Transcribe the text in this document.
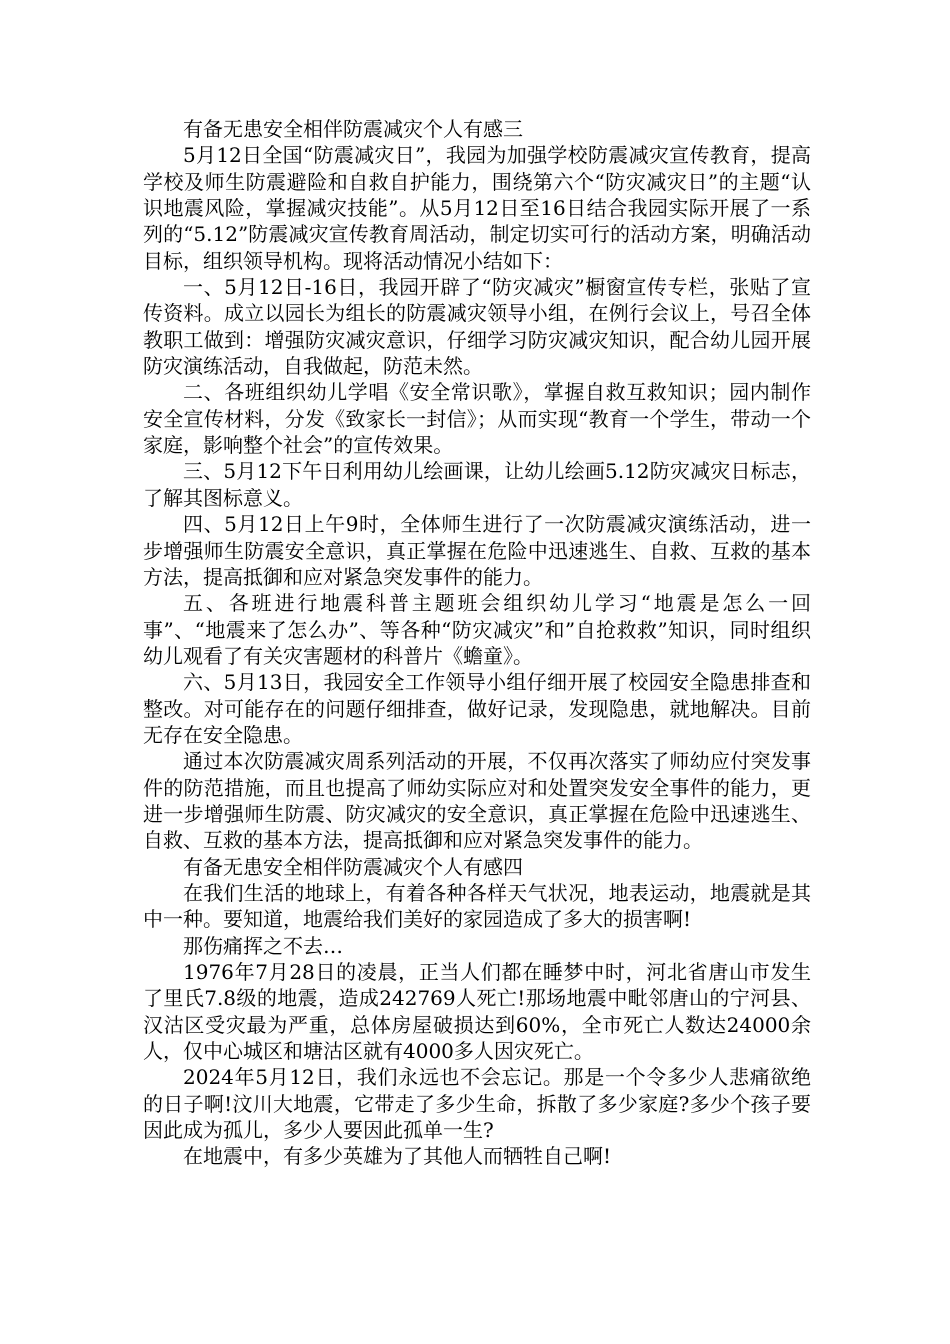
有备无患安全相伴防震减灾个人有感三

5月12日全国“防震减灾日”，我园为加强学校防震减灾宣传教育，提高学校及师生防震避险和自救自护能力，围绕第六个“防灾减灾日”的主题“认识地震风险，掌握减灾技能”。从5月12日至16日结合我园实际开展了一系列的“5.12”防震减灾宣传教育周活动，制定切实可行的活动方案，明确活动目标，组织领导机构。现将活动情况小结如下：

一、5月12日-16日，我园开辟了“防灾减灾”橱窗宣传专栏，张贴了宣传资料。成立以园长为组长的防震减灾领导小组，在例行会议上，号召全体教职工做到：增强防灾减灾意识，仔细学习防灾减灾知识，配合幼儿园开展防灾演练活动，自我做起，防范未然。

二、各班组织幼儿学唱《安全常识歌》，掌握自救互救知识；园内制作安全宣传材料，分发《致家长一封信》；从而实现“教育一个学生，带动一个家庭，影响整个社会”的宣传效果。

三、5月12下午日利用幼儿绘画课，让幼儿绘画5.12防灾减灾日标志，了解其图标意义。

四、5月12日上午9时，全体师生进行了一次防震减灾演练活动，进一步增强师生防震安全意识，真正掌握在危险中迅速逃生、自救、互救的基本方法，提高抵御和应对紧急突发事件的能力。

五、各班进行地震科普主题班会组织幼儿学习“地震是怎么一回事”、“地震来了怎么办”、等各种“防灾减灾”和”自抢救救”知识，同时组织幼儿观看了有关灾害题材的科普片《蟾童》。

六、5月13日，我园安全工作领导小组仔细开展了校园安全隐患排查和整改。对可能存在的问题仔细排查，做好记录，发现隐患，就地解决。目前无存在安全隐患。

通过本次防震减灾周系列活动的开展，不仅再次落实了师幼应付突发事件的防范措施，而且也提高了师幼实际应对和处置突发安全事件的能力，更进一步增强师生防震、防灾减灾的安全意识，真正掌握在危险中迅速逃生、自救、互救的基本方法，提高抵御和应对紧急突发事件的能力。

有备无患安全相伴防震减灾个人有感四

在我们生活的地球上，有着各种各样天气状况，地表运动，地震就是其中一种。要知道，地震给我们美好的家园造成了多大的损害啊!

那伤痛挥之不去…

1976年7月28日的凌晨，正当人们都在睡梦中时，河北省唐山市发生了里氏7.8级的地震，造成242769人死亡!那场地震中毗邻唐山的宁河县、汉沽区受灾最为严重，总体房屋破损达到60%，全市死亡人数达24000余人，仅中心城区和塘沽区就有4000多人因灾死亡。

2024年5月12日，我们永远也不会忘记。那是一个令多少人悲痛欲绝的日子啊!汶川大地震，它带走了多少生命，拆散了多少家庭?多少个孩子要因此成为孤儿，多少人要因此孤单一生?

在地震中，有多少英雄为了其他人而牺牲自己啊!
